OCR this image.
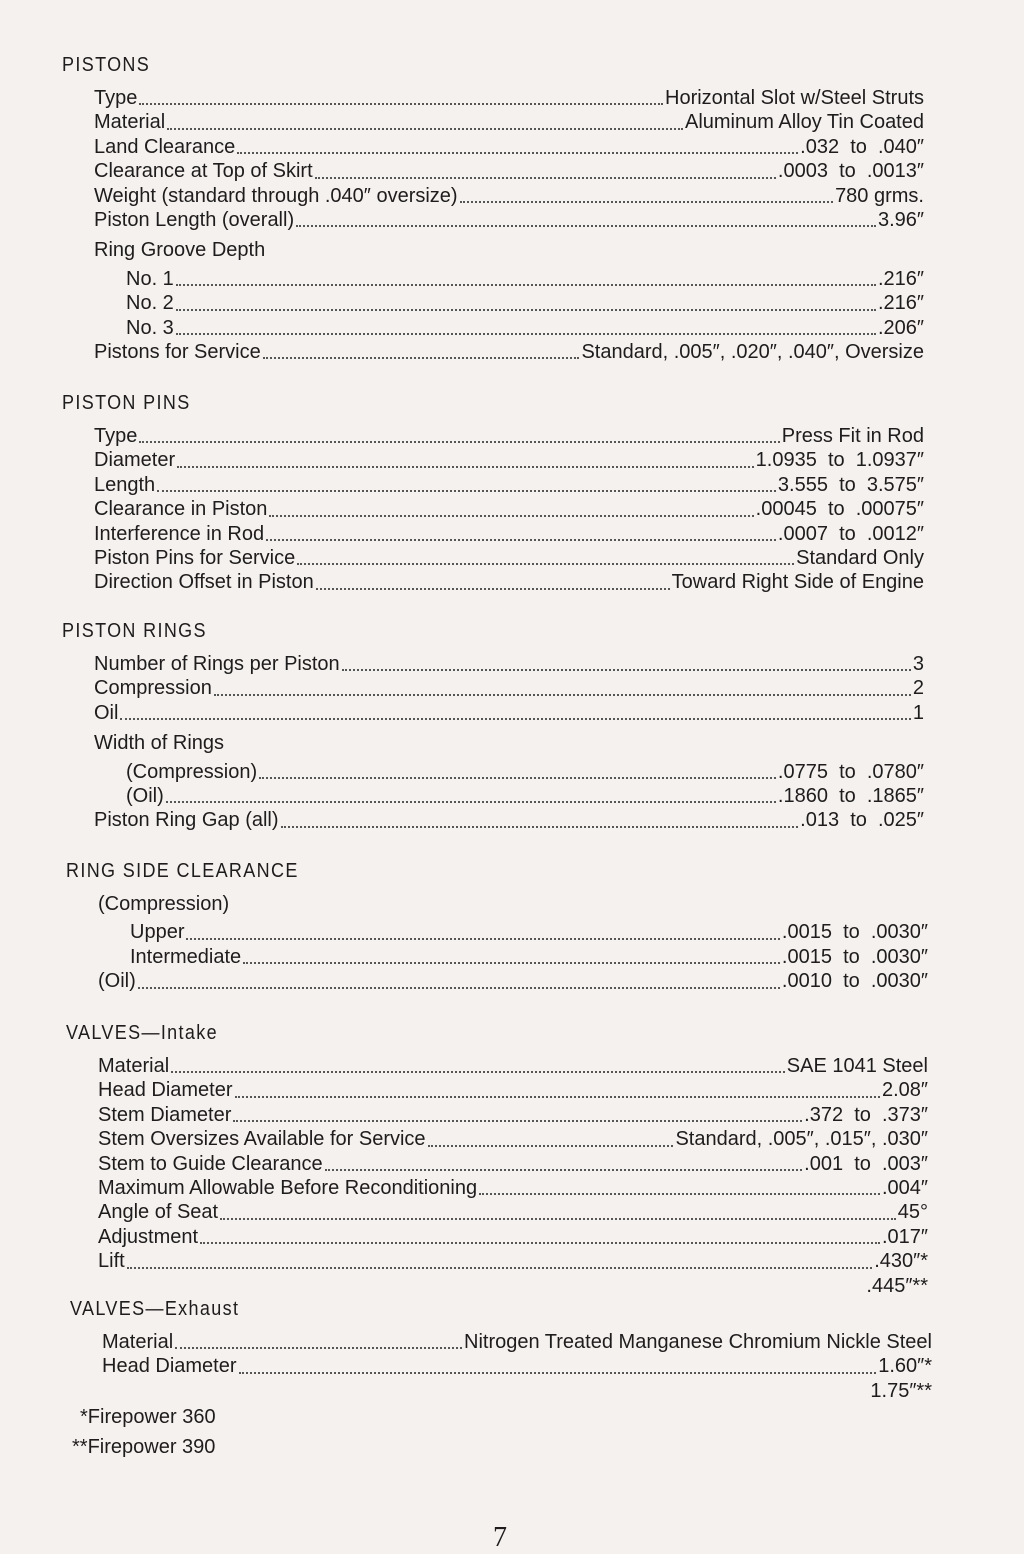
PISTONS
Type	Horizontal Slot w/Steel Struts
Material	Aluminum Alloy Tin Coated
Land Clearance	.032  to  .040″
Clearance at Top of Skirt	.0003  to  .0013″
Weight (standard through .040″ oversize)	780 grms.
Piston Length (overall)	3.96″
Ring Groove Depth
No. 1	.216″
No. 2	.216″
No. 3	.206″
Pistons for Service	Standard, .005″, .020″, .040″, Oversize
PISTON PINS
Type	Press Fit in Rod
Diameter	1.0935  to  1.0937″
Length	3.555  to  3.575″
Clearance in Piston	.00045  to  .00075″
Interference in Rod	.0007  to  .0012″
Piston Pins for Service	Standard Only
Direction Offset in Piston	Toward Right Side of Engine
PISTON RINGS
Number of Rings per Piston	3
Compression	2
Oil	1
Width of Rings
(Compression)	.0775  to  .0780″
(Oil)	.1860  to  .1865″
Piston Ring Gap (all)	.013  to  .025″
RING SIDE CLEARANCE
(Compression)
Upper	.0015  to  .0030″
Intermediate	.0015  to  .0030″
(Oil)	.0010  to  .0030″
VALVES—Intake
Material	SAE 1041 Steel
Head Diameter	2.08″
Stem Diameter	.372  to  .373″
Stem Oversizes Available for Service	Standard, .005″, .015″, .030″
Stem to Guide Clearance	.001  to  .003″
Maximum Allowable Before Reconditioning	.004″
Angle of Seat	45°
Adjustment	.017″
Lift	.430″*
.445″**
VALVES—Exhaust
Material	Nitrogen Treated Manganese Chromium Nickle Steel
Head Diameter	1.60″*
1.75″**
*Firepower 360
**Firepower 390
7
